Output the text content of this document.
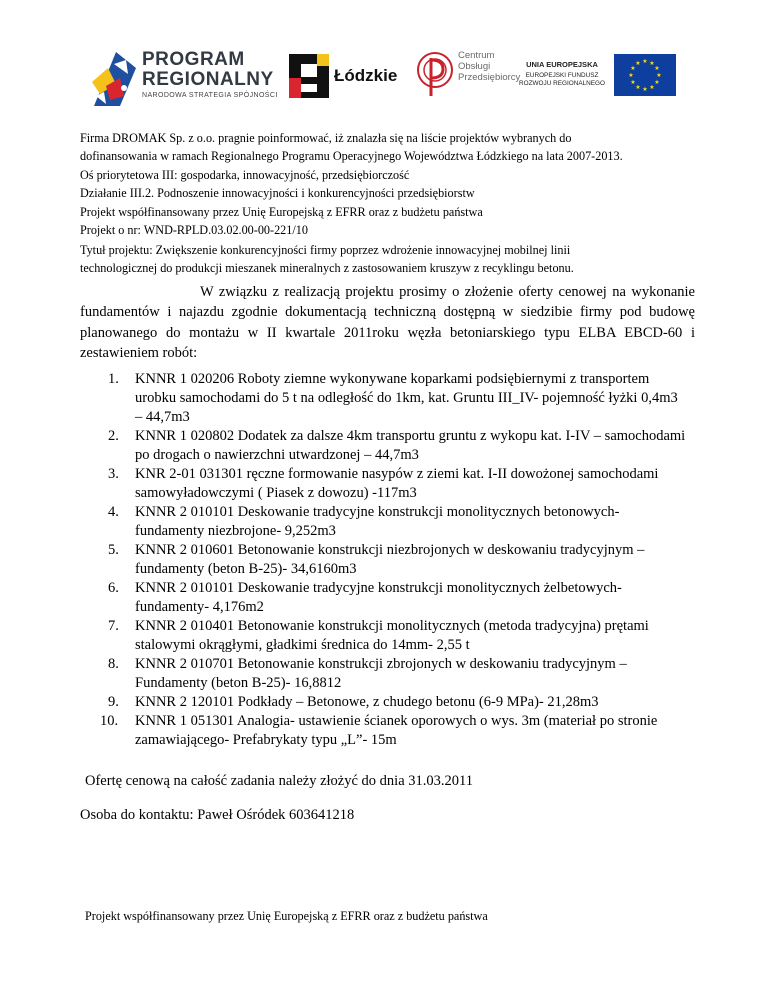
PROGRAM
REGIONALNY
NARODOWA STRATEGIA SPÓJNOŚCI
Łódzkie
Centrum
Obsługi
Przedsiębiorcy
UNIA EUROPEJSKA
EUROPEJSKI FUNDUSZ
ROZWOJU REGIONALNEGO
★ ★
★
★
★
★
★
★
★
★
★
★
Firma DROMAK Sp. z o.o. pragnie poinformować, iż znalazła się na liście projektów wybranych do
dofinansowania w ramach Regionalnego Programu Operacyjnego Województwa Łódzkiego na lata 2007-2013.
Oś priorytetowa III: gospodarka, innowacyjność, przedsiębiorczość
Działanie III.2. Podnoszenie innowacyjności i konkurencyjności przedsiębiorstw
Projekt współfinansowany przez Unię Europejską z EFRR oraz z budżetu państwa
Projekt o nr: WND-RPLD.03.02.00-00-221/10
Tytuł projektu: Zwiększenie konkurencyjności firmy poprzez wdrożenie innowacyjnej mobilnej linii
technologicznej do produkcji mieszanek mineralnych z zastosowaniem kruszyw z recyklingu betonu.
W związku z realizacją projektu prosimy o złożenie oferty cenowej na wykonanie
fundamentów i najazdu zgodnie dokumentacją techniczną dostępną w siedzibie firmy pod budowę
planowanego do montażu w II kwartale 2011roku węzła betoniarskiego typu ELBA EBCD-60 i
zestawieniem robót:
1. KNNR 1 020206 Roboty ziemne wykonywane koparkami podsiębiernymi z transportem
urobku samochodami do 5 t na odległość do 1km, kat. Gruntu III_IV- pojemność łyżki 0,4m3
– 44,7m3
2. KNNR 1 020802 Dodatek za dalsze 4km transportu gruntu z wykopu kat. I-IV – samochodami
po drogach o nawierzchni utwardzonej – 44,7m3
3. KNR 2-01 031301 ręczne formowanie nasypów z ziemi kat. I-II dowożonej samochodami
samowyładowczymi ( Piasek z dowozu) -117m3
4. KNNR 2 010101 Deskowanie tradycyjne konstrukcji monolitycznych betonowych-
fundamenty niezbrojone- 9,252m3
5. KNNR 2 010601 Betonowanie konstrukcji niezbrojonych w deskowaniu tradycyjnym –
fundamenty (beton B-25)- 34,6160m3
6. KNNR 2 010101 Deskowanie tradycyjne konstrukcji monolitycznych żelbetowych-
fundamenty- 4,176m2
7. KNNR 2 010401 Betonowanie konstrukcji monolitycznych (metoda tradycyjna) prętami
stalowymi okrągłymi, gładkimi średnica do 14mm- 2,55 t
8. KNNR 2 010701 Betonowanie konstrukcji zbrojonych w deskowaniu tradycyjnym –
Fundamenty (beton B-25)- 16,8812
9. KNNR 2 120101 Podkłady – Betonowe, z chudego betonu (6-9 MPa)- 21,28m3
10. KNNR 1 051301 Analogia- ustawienie ścianek oporowych o wys. 3m (materiał po stronie
zamawiającego- Prefabrykaty typu „L”- 15m
Ofertę cenową na całość zadania należy złożyć do dnia 31.03.2011
Osoba do kontaktu: Paweł Ośródek 603641218
Projekt współfinansowany przez Unię Europejską z EFRR oraz z budżetu państwa
